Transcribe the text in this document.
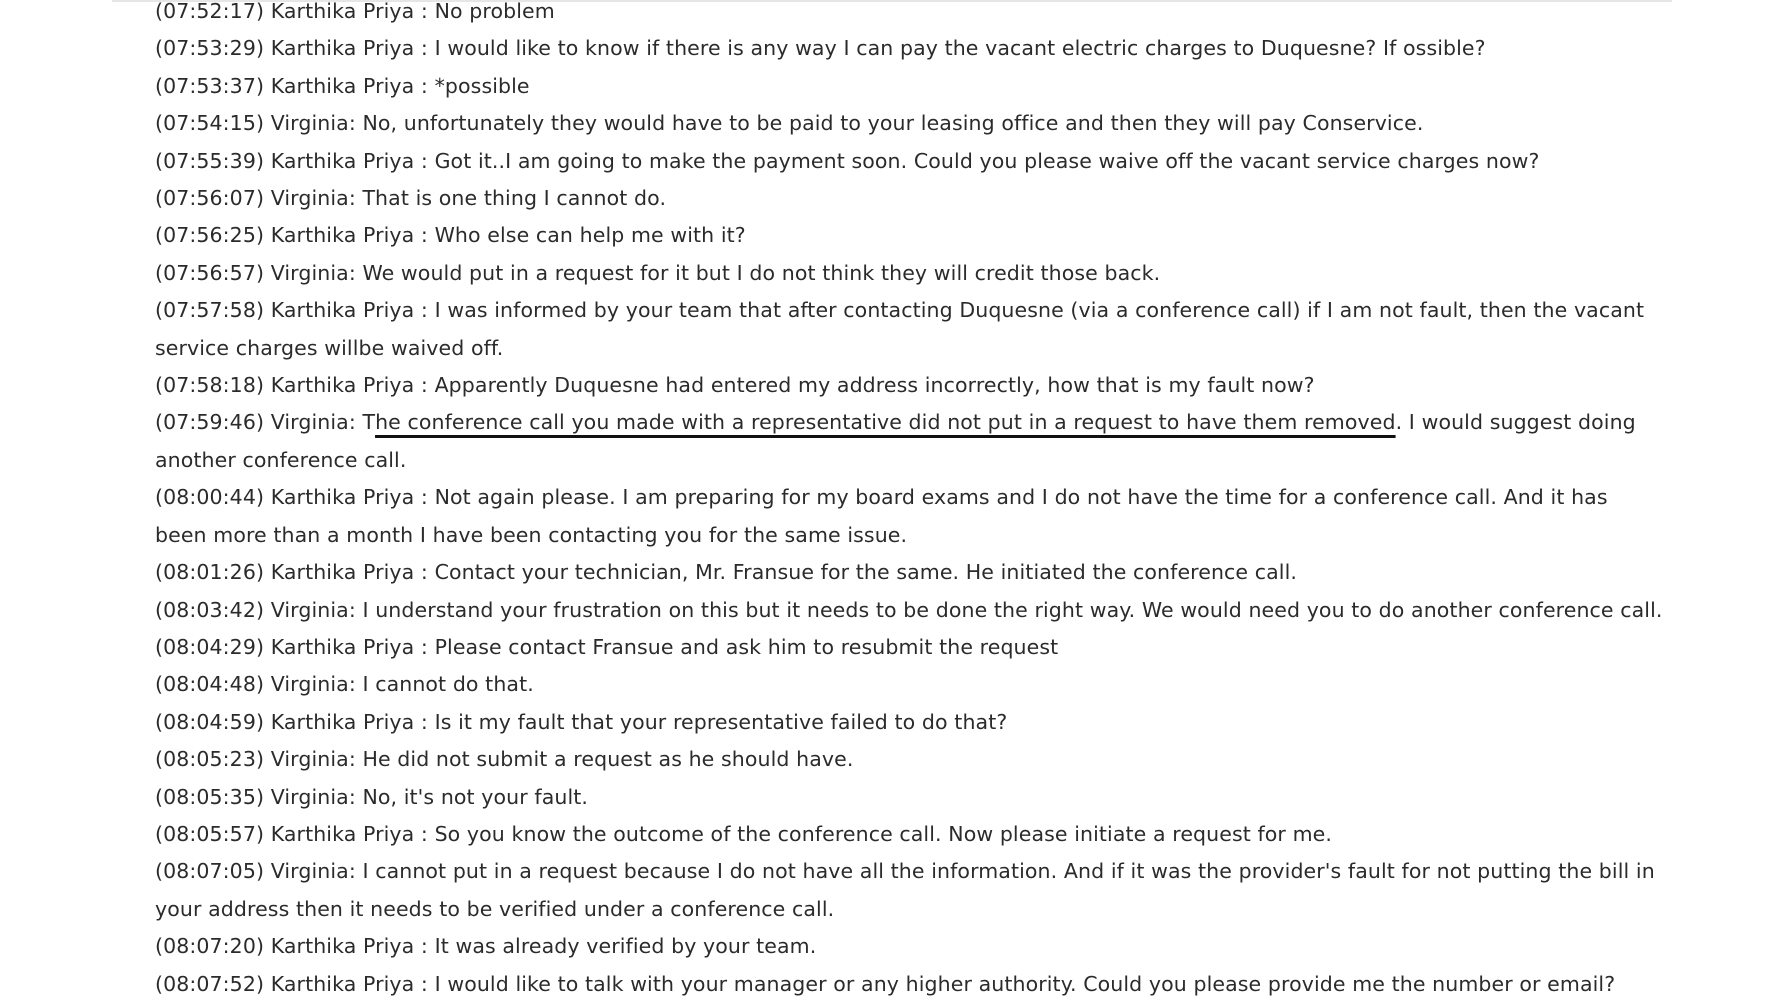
(07:52:17) Karthika Priya : No problem

(07:53:29) Karthika Priya : I would like to know if there is any way I can pay the vacant electric charges to Duquesne? If ossible?

(07:53:37) Karthika Priya : *possible

(07:54:15) Virginia: No, unfortunately they would have to be paid to your leasing office and then they will pay Conservice.

(07:55:39) Karthika Priya : Got it..I am going to make the payment soon. Could you please waive off the vacant service charges now?

(07:56:07) Virginia: That is one thing I cannot do.

(07:56:25) Karthika Priya : Who else can help me with it?

(07:56:57) Virginia: We would put in a request for it but I do not think they will credit those back.

(07:57:58) Karthika Priya : I was informed by your team that after contacting Duquesne (via a conference call) if I am not fault, then the vacant service charges willbe waived off.

(07:58:18) Karthika Priya : Apparently Duquesne had entered my address incorrectly, how that is my fault now?

(07:59:46) Virginia: The conference call you made with a representative did not put in a request to have them removed. I would suggest doing another conference call.

(08:00:44) Karthika Priya : Not again please. I am preparing for my board exams and I do not have the time for a conference call. And it has been more than a month I have been contacting you for the same issue.

(08:01:26) Karthika Priya : Contact your technician, Mr. Fransue for the same. He initiated the conference call.

(08:03:42) Virginia: I understand your frustration on this but it needs to be done the right way. We would need you to do another conference call.

(08:04:29) Karthika Priya : Please contact Fransue and ask him to resubmit the request

(08:04:48) Virginia: I cannot do that.

(08:04:59) Karthika Priya : Is it my fault that your representative failed to do that?

(08:05:23) Virginia: He did not submit a request as he should have.

(08:05:35) Virginia: No, it's not your fault.

(08:05:57) Karthika Priya : So you know the outcome of the conference call. Now please initiate a request for me.

(08:07:05) Virginia: I cannot put in a request because I do not have all the information. And if it was the provider's fault for not putting the bill in your address then it needs to be verified under a conference call.

(08:07:20) Karthika Priya : It was already verified by your team.

(08:07:52) Karthika Priya : I would like to talk with your manager or any higher authority. Could you please provide me the number or email?
